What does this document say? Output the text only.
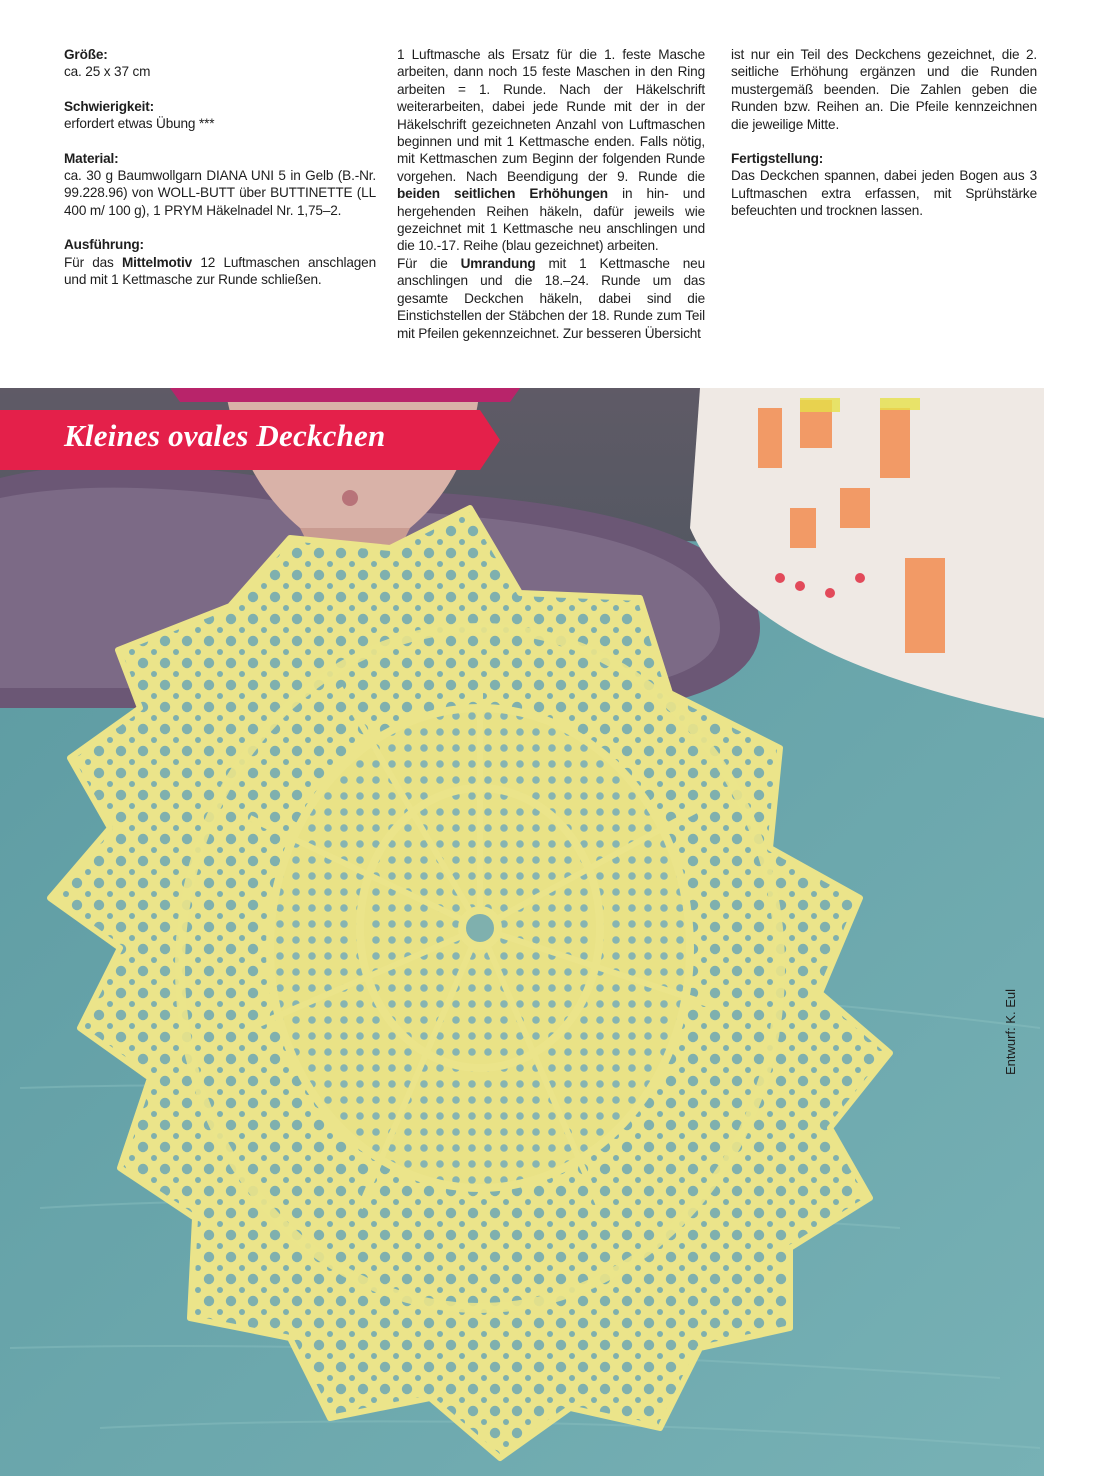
Größe:

ca. 25 x 37 cm

Schwierigkeit:

erfordert etwas Übung ***

Material:

ca. 30 g Baumwollgarn DIANA UNI 5 in Gelb (B.-Nr. 99.228.96) von WOLL-BUTT über BUTTINETTE (LL 400 m/ 100 g), 1 PRYM Häkelnadel Nr. 1,75–2.

Ausführung:

Für das Mittelmotiv 12 Luftmaschen anschlagen und mit 1 Kettmasche zur Runde schließen.

1 Luftmasche als Ersatz für die 1. feste Masche arbeiten, dann noch 15 feste Maschen in den Ring arbeiten = 1. Runde. Nach der Häkelschrift weiterarbeiten, dabei jede Runde mit der in der Häkelschrift gezeichneten Anzahl von Luftmaschen beginnen und mit 1 Kettmasche enden. Falls nötig, mit Kettmaschen zum Beginn der folgenden Runde vorgehen. Nach Beendigung der 9. Runde die beiden seitlichen Erhöhungen in hin- und hergehenden Reihen häkeln, dafür jeweils wie gezeichnet mit 1 Kettmasche neu anschlingen und die 10.-17. Reihe (blau gezeichnet) arbeiten.

Für die Umrandung mit 1 Kettmasche neu anschlingen und die 18.–24. Runde um das gesamte Deckchen häkeln, dabei sind die Einstichstellen der Stäbchen der 18. Runde zum Teil mit Pfeilen gekennzeichnet. Zur besseren Übersicht

ist nur ein Teil des Deckchens gezeichnet, die 2. seitliche Erhöhung ergänzen und die Runden mustergemäß beenden. Die Zahlen geben die Runden bzw. Reihen an. Die Pfeile kennzeichnen die jeweilige Mitte.

Fertigstellung:

Das Deckchen spannen, dabei jeden Bogen aus 3 Luftmaschen extra erfassen, mit Sprühstärke befeuchten und trocknen lassen.

Kleines ovales Deckchen
Entwurf: K. Eul
